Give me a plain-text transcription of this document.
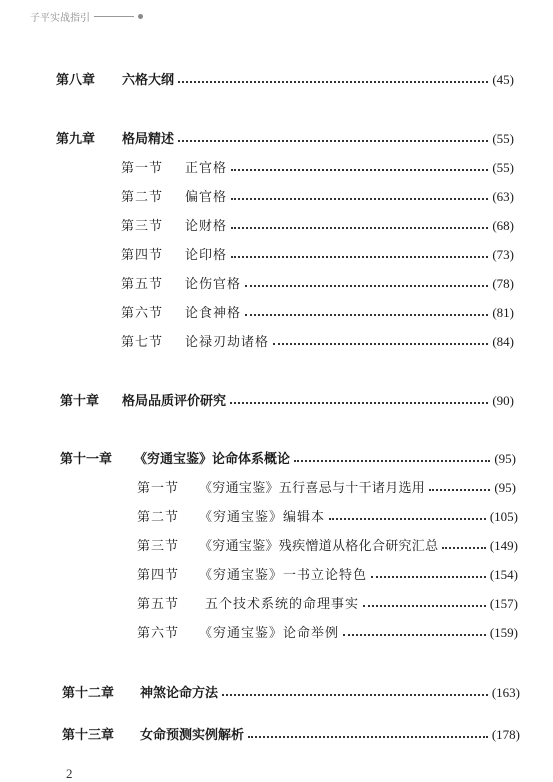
子平实战指引
第八章	六格大纲	(45)
第九章	格局精述	(55)
第一节	正官格	(55)
第二节	偏官格	(63)
第三节	论财格	(68)
第四节	论印格	(73)
第五节	论伤官格	(78)
第六节	论食神格	(81)
第七节	论禄刃劫诸格	(84)
第十章	格局品质评价研究	(90)
第十一章	《穷通宝鉴》论命体系概论	(95)
第一节	《穷通宝鉴》五行喜忌与十干诸月选用	(95)
第二节	《穷通宝鉴》编辑本	(105)
第三节	《穷通宝鉴》残疾憎道从格化合研究汇总	(149)
第四节	《穷通宝鉴》一书立论特色	(154)
第五节	五个技术系统的命理事实	(157)
第六节	《穷通宝鉴》论命举例	(159)
第十二章	神煞论命方法	(163)
第十三章	女命预测实例解析	(178)
2
